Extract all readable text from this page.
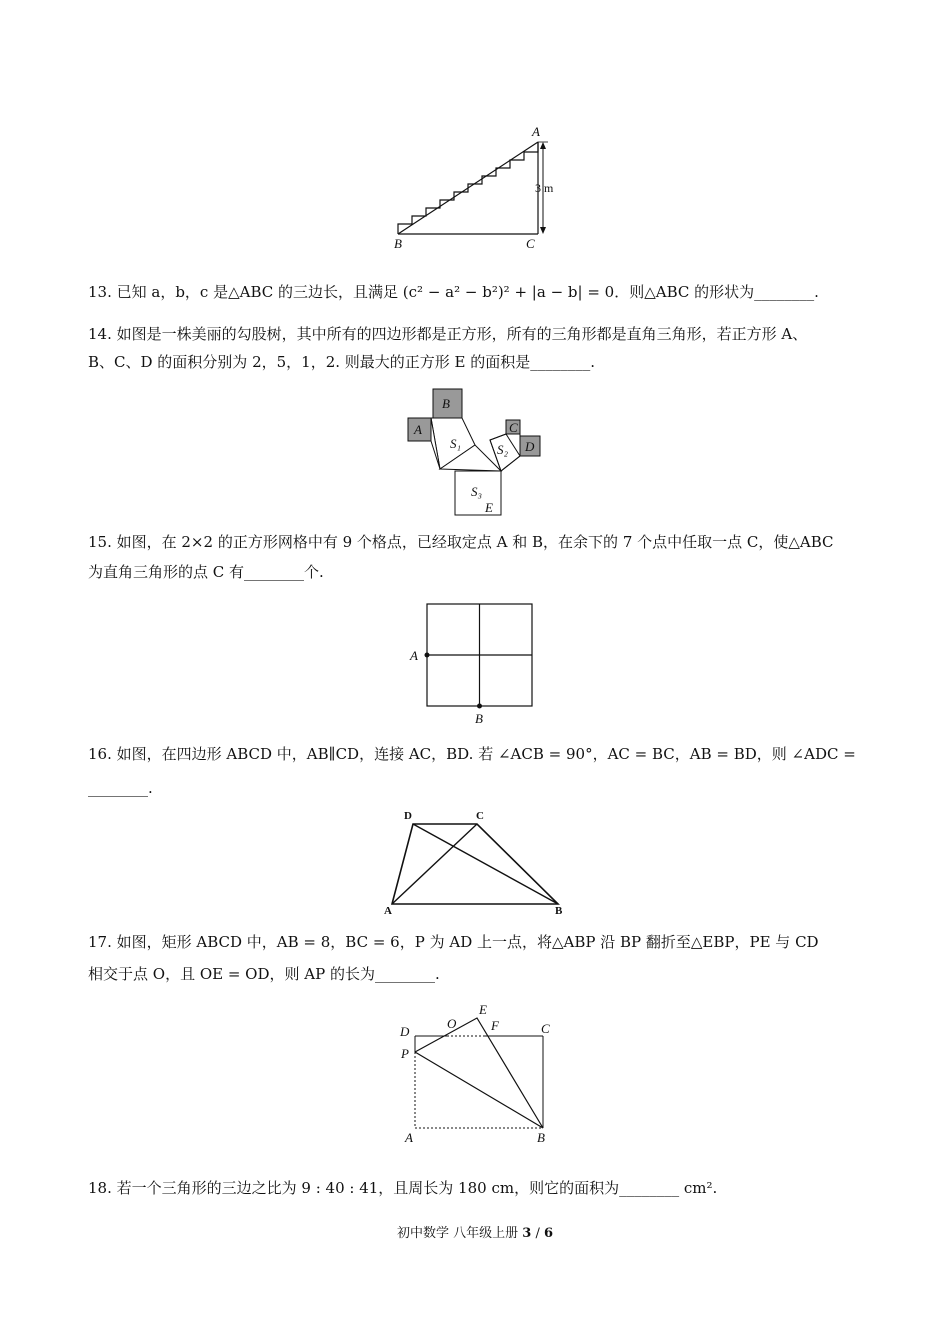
A
B	C
3 m
13. 已知 a，b，c 是△ABC 的三边长，且满足 (c² − a² − b²)² + |a − b| = 0．则△ABC 的形状为________.
14. 如图是一株美丽的勾股树，其中所有的四边形都是正方形，所有的三角形都是直角三角形，若正方形 A、
B、C、D 的面积分别为 2，5，1，2. 则最大的正方形 E 的面积是________.
A
B
C
D
S₁	S₂
S₃
E
15. 如图，在 2×2 的正方形网格中有 9 个格点，已经取定点 A 和 B，在余下的 7 个点中任取一点 C，使△ABC
为直角三角形的点 C 有________个.
A
B
16. 如图，在四边形 ABCD 中，AB∥CD，连接 AC，BD. 若 ∠ACB = 90°，AC = BC，AB = BD，则 ∠ADC =
________.
D	C
A	B
17. 如图，矩形 ABCD 中，AB = 8，BC = 6，P 为 AD 上一点，将△ABP 沿 BP 翻折至△EBP，PE 与 CD
相交于点 O，且 OE = OD，则 AP 的长为________.
D
O
E
F	C
P
A	B
18. 若一个三角形的三边之比为 9 : 40 : 41，且周长为 180 cm，则它的面积为________ cm².
初中数学 八年级上册 3 / 6
